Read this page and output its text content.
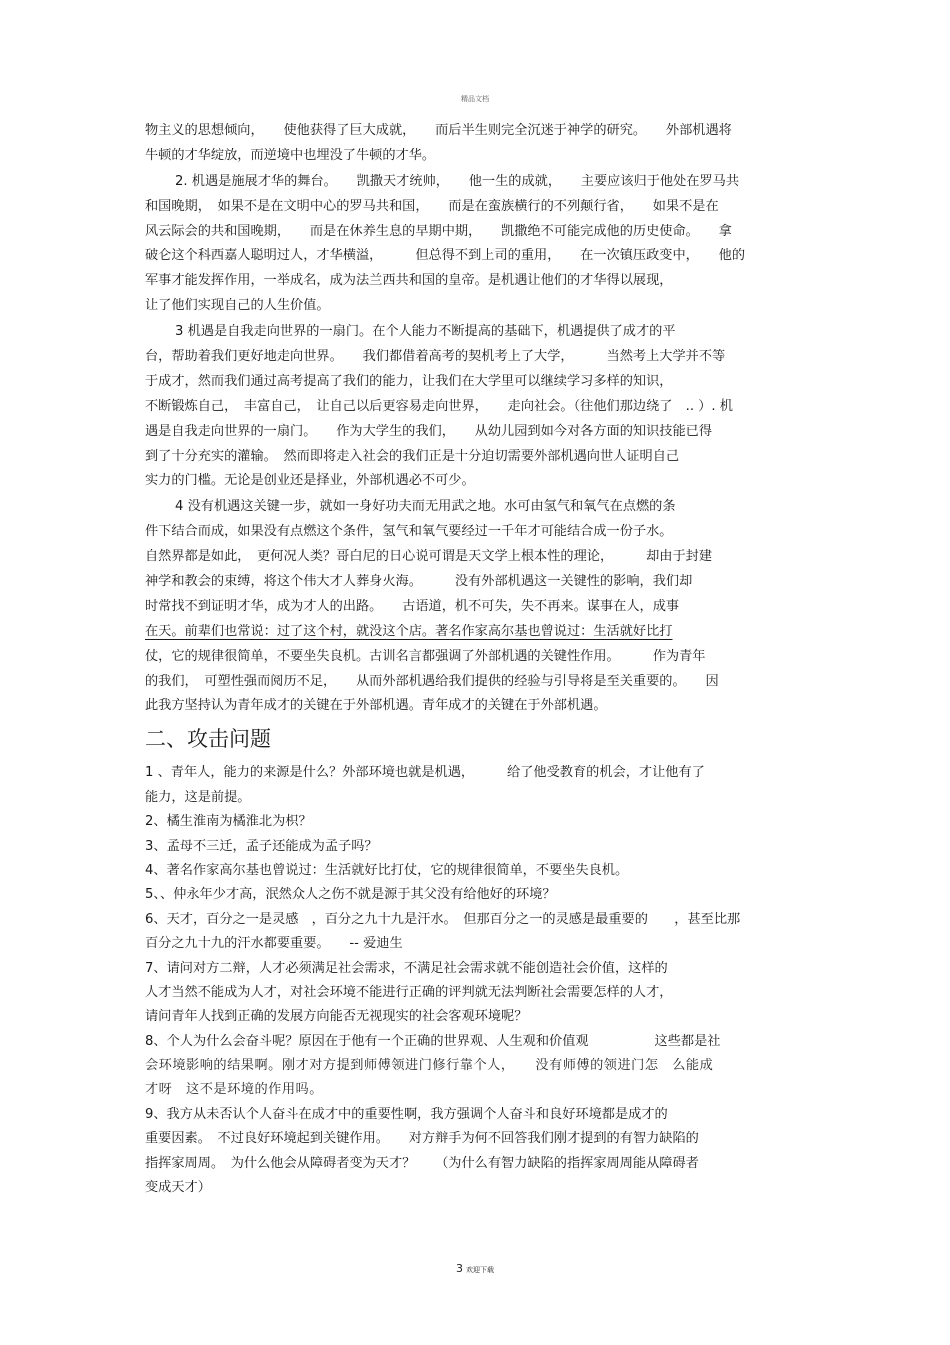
精品文档
物主义的思想倾向，　　使他获得了巨大成就，　　而后半生则完全沉迷于神学的研究。　　外部机遇将
牛顿的才华绽放，而逆境中也埋没了牛顿的才华。
2. 机遇是施展才华的舞台。　　凯撒天才统帅，　　他一生的成就，　　主要应该归于他处在罗马共
和国晚期，　如果不是在文明中心的罗马共和国，　　而是在蛮族横行的不列颠行省，　　如果不是在
风云际会的共和国晚期，　　而是在休养生息的早期中期，　　凯撒绝不可能完成他的历史使命。　　拿
破仑这个科西嘉人聪明过人，才华横溢，　　　但总得不到上司的重用，　　在一次镇压政变中，　　他的
军事才能发挥作用，一举成名，成为法兰西共和国的皇帝。是机遇让他们的才华得以展现，
让了他们实现自己的人生价值。
3 机遇是自我走向世界的一扇门。在个人能力不断提高的基础下，机遇提供了成才的平
台，帮助着我们更好地走向世界。　　我们都借着高考的契机考上了大学，　　　当然考上大学并不等
于成才，然而我们通过高考提高了我们的能力，让我们在大学里可以继续学习多样的知识，
不断锻炼自己，　丰富自己，　让自己以后更容易走向世界，　　走向社会。（往他们那边绕了　.. ）. 机
遇是自我走向世界的一扇门。　　作为大学生的我们，　　从幼儿园到如今对各方面的知识技能已得
到了十分充实的灌输。　然而即将走入社会的我们正是十分迫切需要外部机遇向世人证明自己
实力的门槛。无论是创业还是择业，外部机遇必不可少。
4 没有机遇这关键一步，就如一身好功夫而无用武之地。水可由氢气和氧气在点燃的条
件下结合而成，如果没有点燃这个条件，氢气和氧气要经过一千年才可能结合成一份子水。
自然界都是如此，　更何况人类？哥白尼的日心说可谓是天文学上根本性的理论，　　　却由于封建
神学和教会的束缚，将这个伟大才人葬身火海。　　　没有外部机遇这一关键性的影响，我们却
时常找不到证明才华，成为才人的出路。　　古语道，机不可失，失不再来。谋事在人，成事
在天。前辈们也常说：过了这个村，就没这个店。著名作家高尔基也曾说过：生活就好比打
仗，它的规律很简单，不要坐失良机。古训名言都强调了外部机遇的关键性作用。　　　作为青年
的我们，　可塑性强而阅历不足，　　从而外部机遇给我们提供的经验与引导将是至关重要的。　　因
此我方坚持认为青年成才的关键在于外部机遇。青年成才的关键在于外部机遇。
二、攻击问题
1 、青年人，能力的来源是什么？外部环境也就是机遇，　　　给了他受教育的机会，才让他有了
能力，这是前提。
2、橘生淮南为橘淮北为枳？
3、孟母不三迁，孟子还能成为孟子吗？
4、著名作家高尔基也曾说过：生活就好比打仗，它的规律很简单，不要坐失良机。
5、、仲永年少才高，泯然众人之伤不就是源于其父没有给他好的环境？
6、天才，百分之一是灵感　，百分之九十九是汗水。　但那百分之一的灵感是最重要的　　，甚至比那
百分之九十九的汗水都要重要。　　-- 爱迪生
7、请问对方二辩，人才必须满足社会需求，不满足社会需求就不能创造社会价值，这样的
人才当然不能成为人才，对社会环境不能进行正确的评判就无法判断社会需要怎样的人才，
请问青年人找到正确的发展方向能否无视现实的社会客观环境呢？
8、个人为什么会奋斗呢？原因在于他有一个正确的世界观、人生观和价值观　　　　　这些都是社
会环境影响的结果啊。刚才对方提到师傅领进门修行靠个人，　　没有师傅的领进门怎　么能成
才呀　这不是环境的作用吗。
9、我方从未否认个人奋斗在成才中的重要性啊，我方强调个人奋斗和良好环境都是成才的
重要因素。　不过良好环境起到关键作用。　　对方辩手为何不回答我们刚才提到的有智力缺陷的
指挥家周周。　为什么他会从障碍者变为天才？　　（为什么有智力缺陷的指挥家周周能从障碍者
变成天才）
3 欢迎下载
